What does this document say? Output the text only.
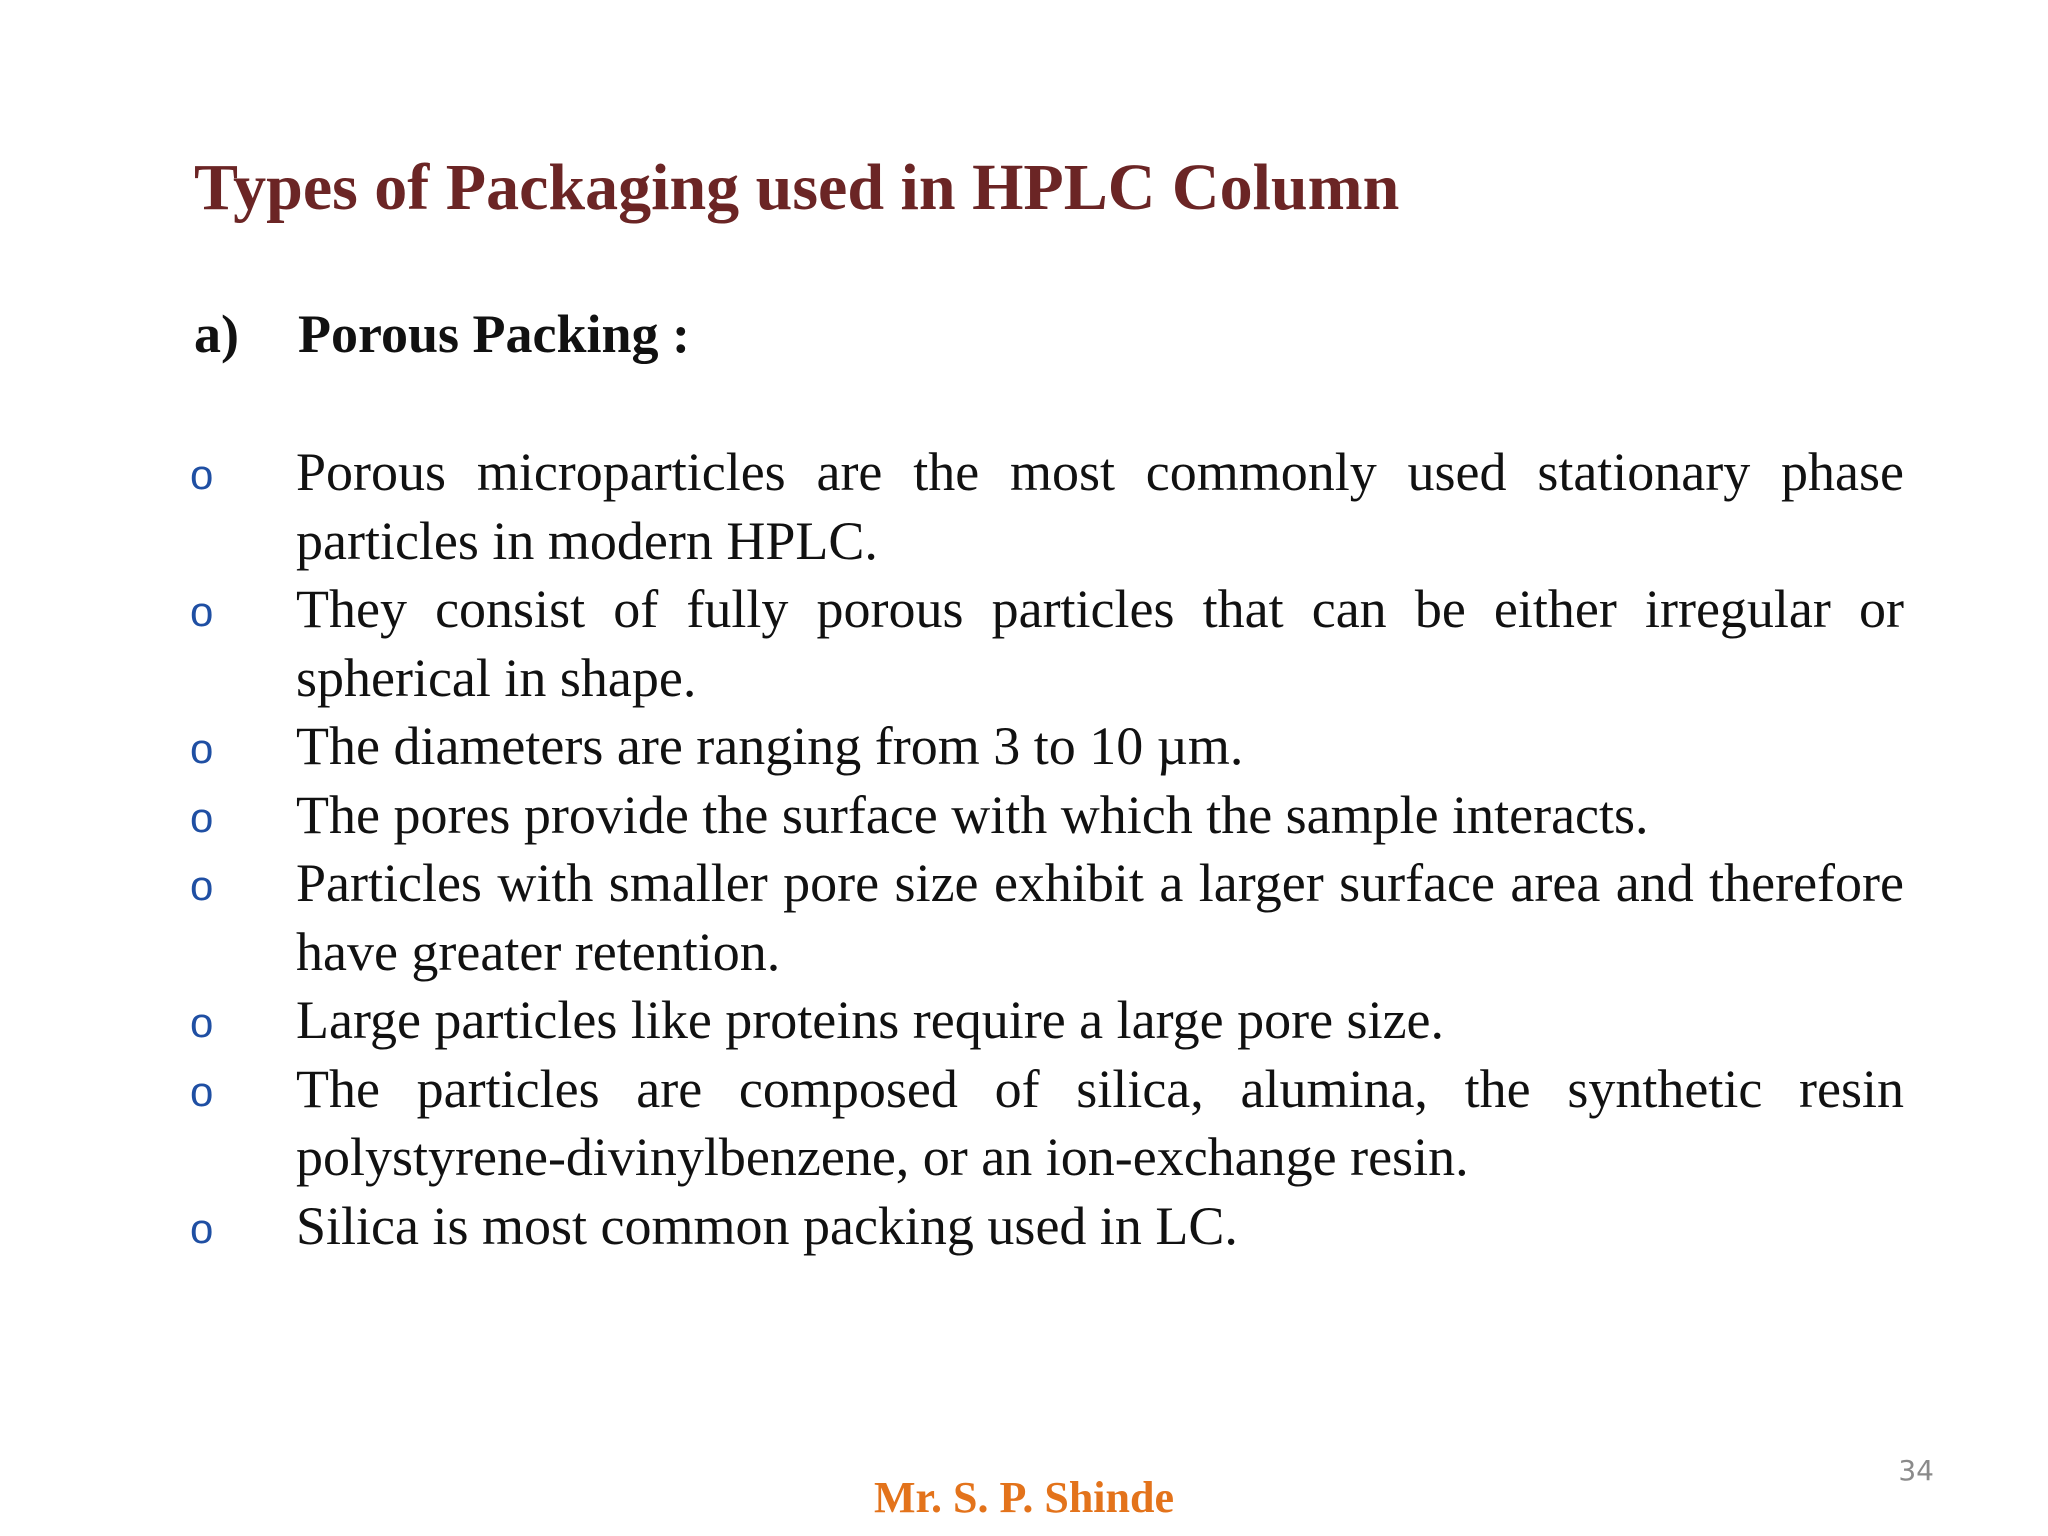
Types of Packaging used in HPLC Column
a) Porous Packing :
o Porous microparticles are the most commonly used stationary phase particles in modern HPLC.
o They consist of fully porous particles that can be either irregular or spherical in shape.
o The diameters are ranging from 3 to 10 µm.
o The pores provide the surface with which the sample interacts.
o Particles with smaller pore size exhibit a larger surface area and therefore have greater retention.
o Large particles like proteins require a large pore size.
o The particles are composed of silica, alumina, the synthetic resin polystyrene-divinylbenzene, or an ion-exchange resin.
o Silica is most common packing used in LC.
Mr. S. P. Shinde
34
